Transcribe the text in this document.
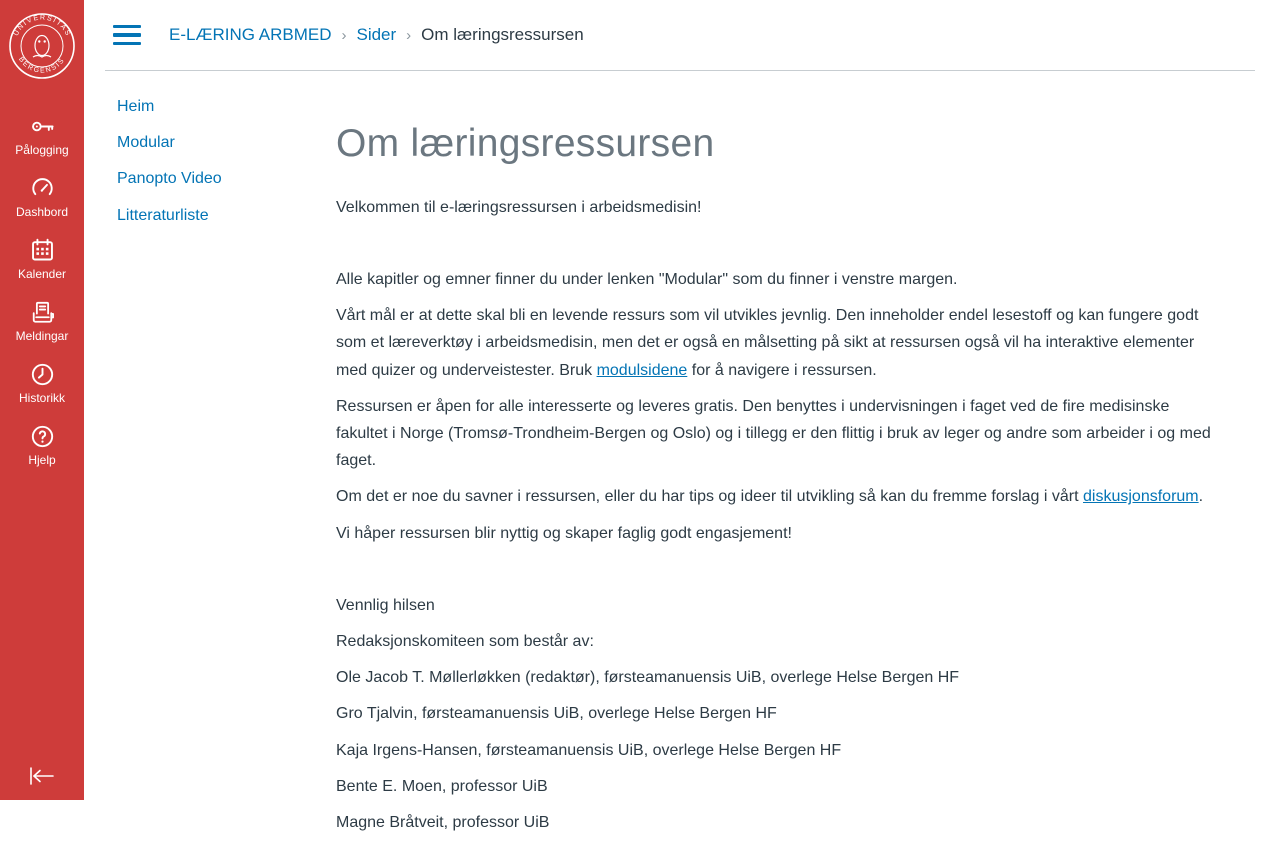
UNIVERSITAS
BERGENSIS
Pålogging
Dashbord
Kalender
Meldingar
Historikk
Hjelp
E-LÆRING ARBMED › Sider › Om læringsressursen
Heim
Modular
Panopto Video
Litteraturliste
Om læringsressursen

Velkommen til e-læringsressursen i arbeidsmedisin!

Alle kapitler og emner finner du under lenken "Modular" som du finner i venstre margen.

Vårt mål er at dette skal bli en levende ressurs som vil utvikles jevnlig. Den inneholder endel lesestoff og kan fungere godt som et læreverktøy i arbeidsmedisin, men det er også en målsetting på sikt at ressursen også vil ha interaktive elementer med quizer og underveistester. Bruk modulsidene for å navigere i ressursen.

Ressursen er åpen for alle interesserte og leveres gratis. Den benyttes i undervisningen i faget ved de fire medisinske fakultet i Norge (Tromsø-Trondheim-Bergen og Oslo) og i tillegg er den flittig i bruk av leger og andre som arbeider i og med faget.

Om det er noe du savner i ressursen, eller du har tips og ideer til utvikling så kan du fremme forslag i vårt diskusjonsforum.

Vi håper ressursen blir nyttig og skaper faglig godt engasjement!

Vennlig hilsen

Redaksjonskomiteen som består av:

Ole Jacob T. Møllerløkken (redaktør), førsteamanuensis UiB, overlege Helse Bergen HF

Gro Tjalvin, førsteamanuensis UiB, overlege Helse Bergen HF

Kaja Irgens-Hansen, førsteamanuensis UiB, overlege Helse Bergen HF

Bente E. Moen, professor UiB

Magne Bråtveit, professor UiB
